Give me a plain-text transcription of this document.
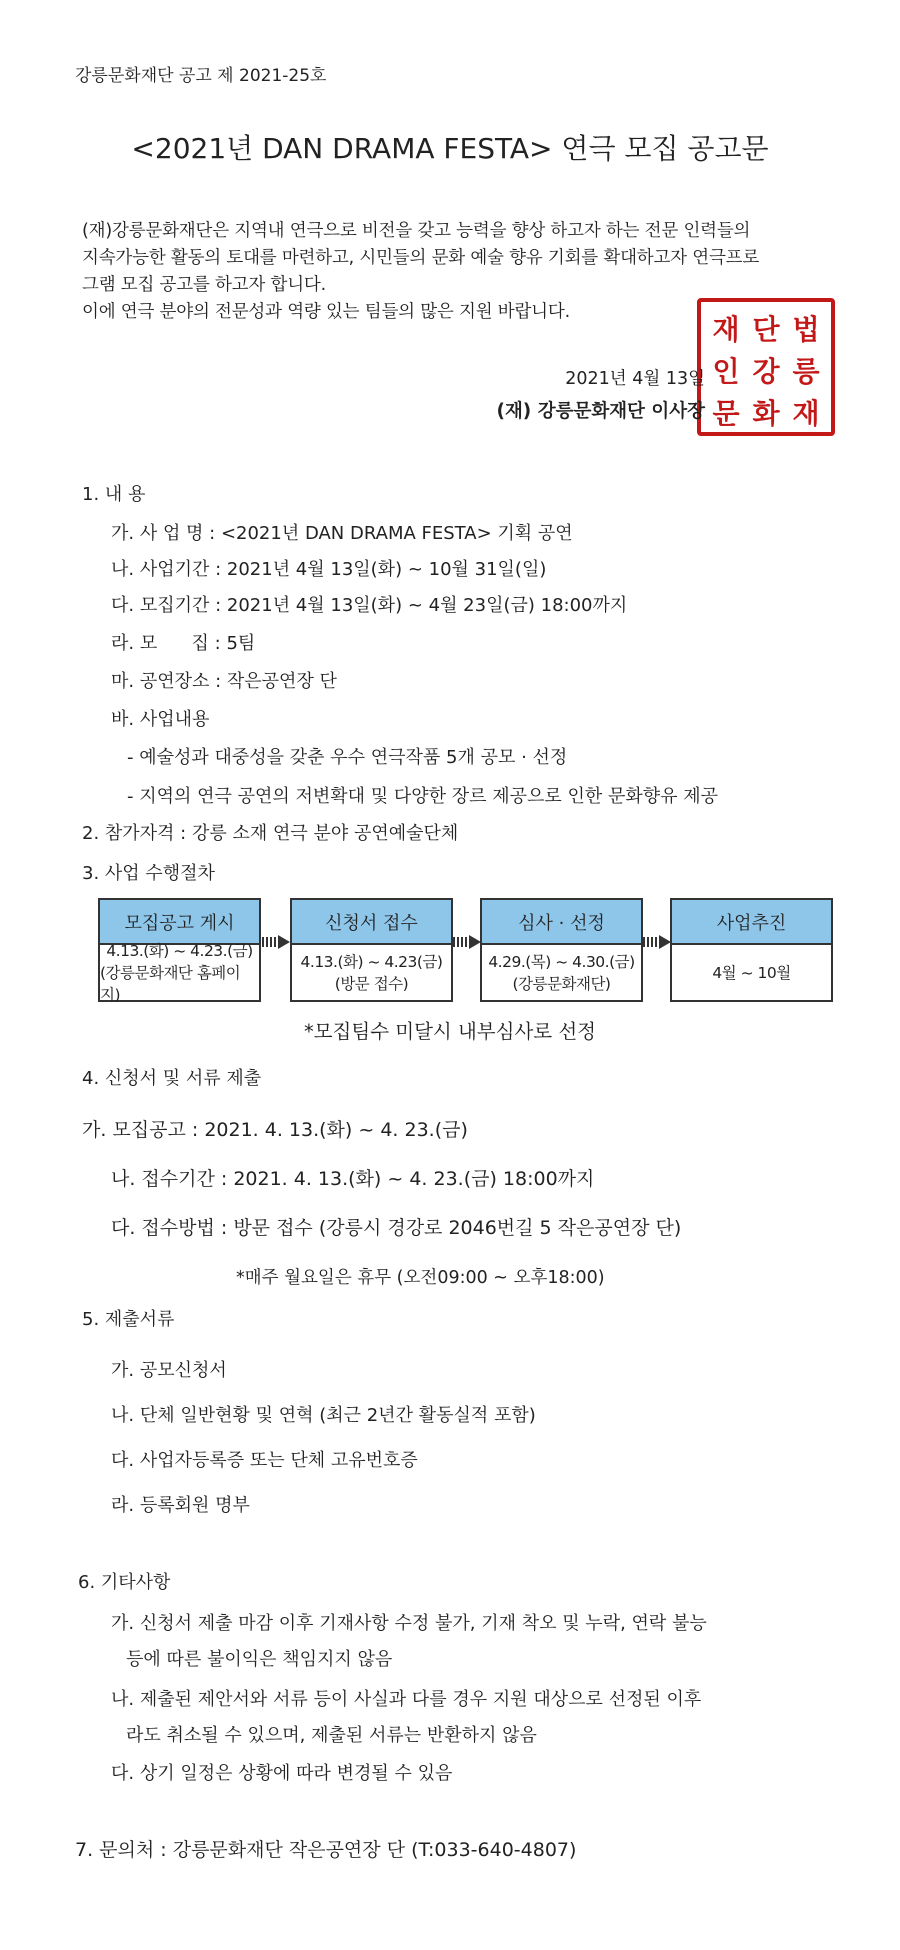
강릉문화재단 공고 제 2021-25호
<2021년 DAN DRAMA FESTA> 연극 모집 공고문

(재)강릉문화재단은 지역내 연극으로 비전을 갖고 능력을 향상 하고자 하는 전문 인력들의

지속가능한 활동의 토대를 마련하고, 시민들의 문화 예술 향유 기회를 확대하고자 연극프로

그램 모집 공고를 하고자 합니다.

이에 연극 분야의 전문성과 역량 있는 팀들의 많은 지원 바랍니다.

재 단 법
인 강 릉
문 화 재
2021년 4월 13일
(재) 강릉문화재단 이사장
1. 내 용
가. 사 업 명 : <2021년 DAN DRAMA FESTA> 기획 공연
나. 사업기간 : 2021년 4월 13일(화) ~ 10월 31일(일)
다. 모집기간 : 2021년 4월 13일(화) ~ 4월 23일(금) 18:00까지
라. 모      집 : 5팀
마. 공연장소 : 작은공연장 단
바. 사업내용
- 예술성과 대중성을 갖춘 우수 연극작품 5개 공모 · 선정
- 지역의 연극 공연의 저변확대 및 다양한 장르 제공으로 인한 문화향유 제공
2. 참가자격 : 강릉 소재 연극 분야 공연예술단체
3. 사업 수행절차
모집공고 게시
4.13.(화) ~ 4.23.(금)
(강릉문화재단 홈페이지)
신청서 접수
4.13.(화) ~ 4.23(금)
(방문 접수)
심사 · 선정
4.29.(목) ~ 4.30.(금)
(강릉문화재단)
사업추진
4월 ~ 10월
*모집팀수 미달시 내부심사로 선정
4. 신청서 및 서류 제출
가. 모집공고 : 2021. 4. 13.(화) ~ 4. 23.(금)
나. 접수기간 : 2021. 4. 13.(화) ~ 4. 23.(금) 18:00까지
다. 접수방법 : 방문 접수 (강릉시 경강로 2046번길 5 작은공연장 단)
*매주 월요일은 휴무 (오전09:00 ~ 오후18:00)
5. 제출서류
가. 공모신청서
나. 단체 일반현황 및 연혁 (최근 2년간 활동실적 포함)
다. 사업자등록증 또는 단체 고유번호증
라. 등록회원 명부
6. 기타사항
가. 신청서 제출 마감 이후 기재사항 수정 불가, 기재 착오 및 누락, 연락 불능
등에 따른 불이익은 책임지지 않음
나. 제출된 제안서와 서류 등이 사실과 다를 경우 지원 대상으로 선정된 이후
라도 취소될 수 있으며, 제출된 서류는 반환하지 않음
다. 상기 일정은 상황에 따라 변경될 수 있음
7. 문의처 : 강릉문화재단 작은공연장 단 (T:033-640-4807)
